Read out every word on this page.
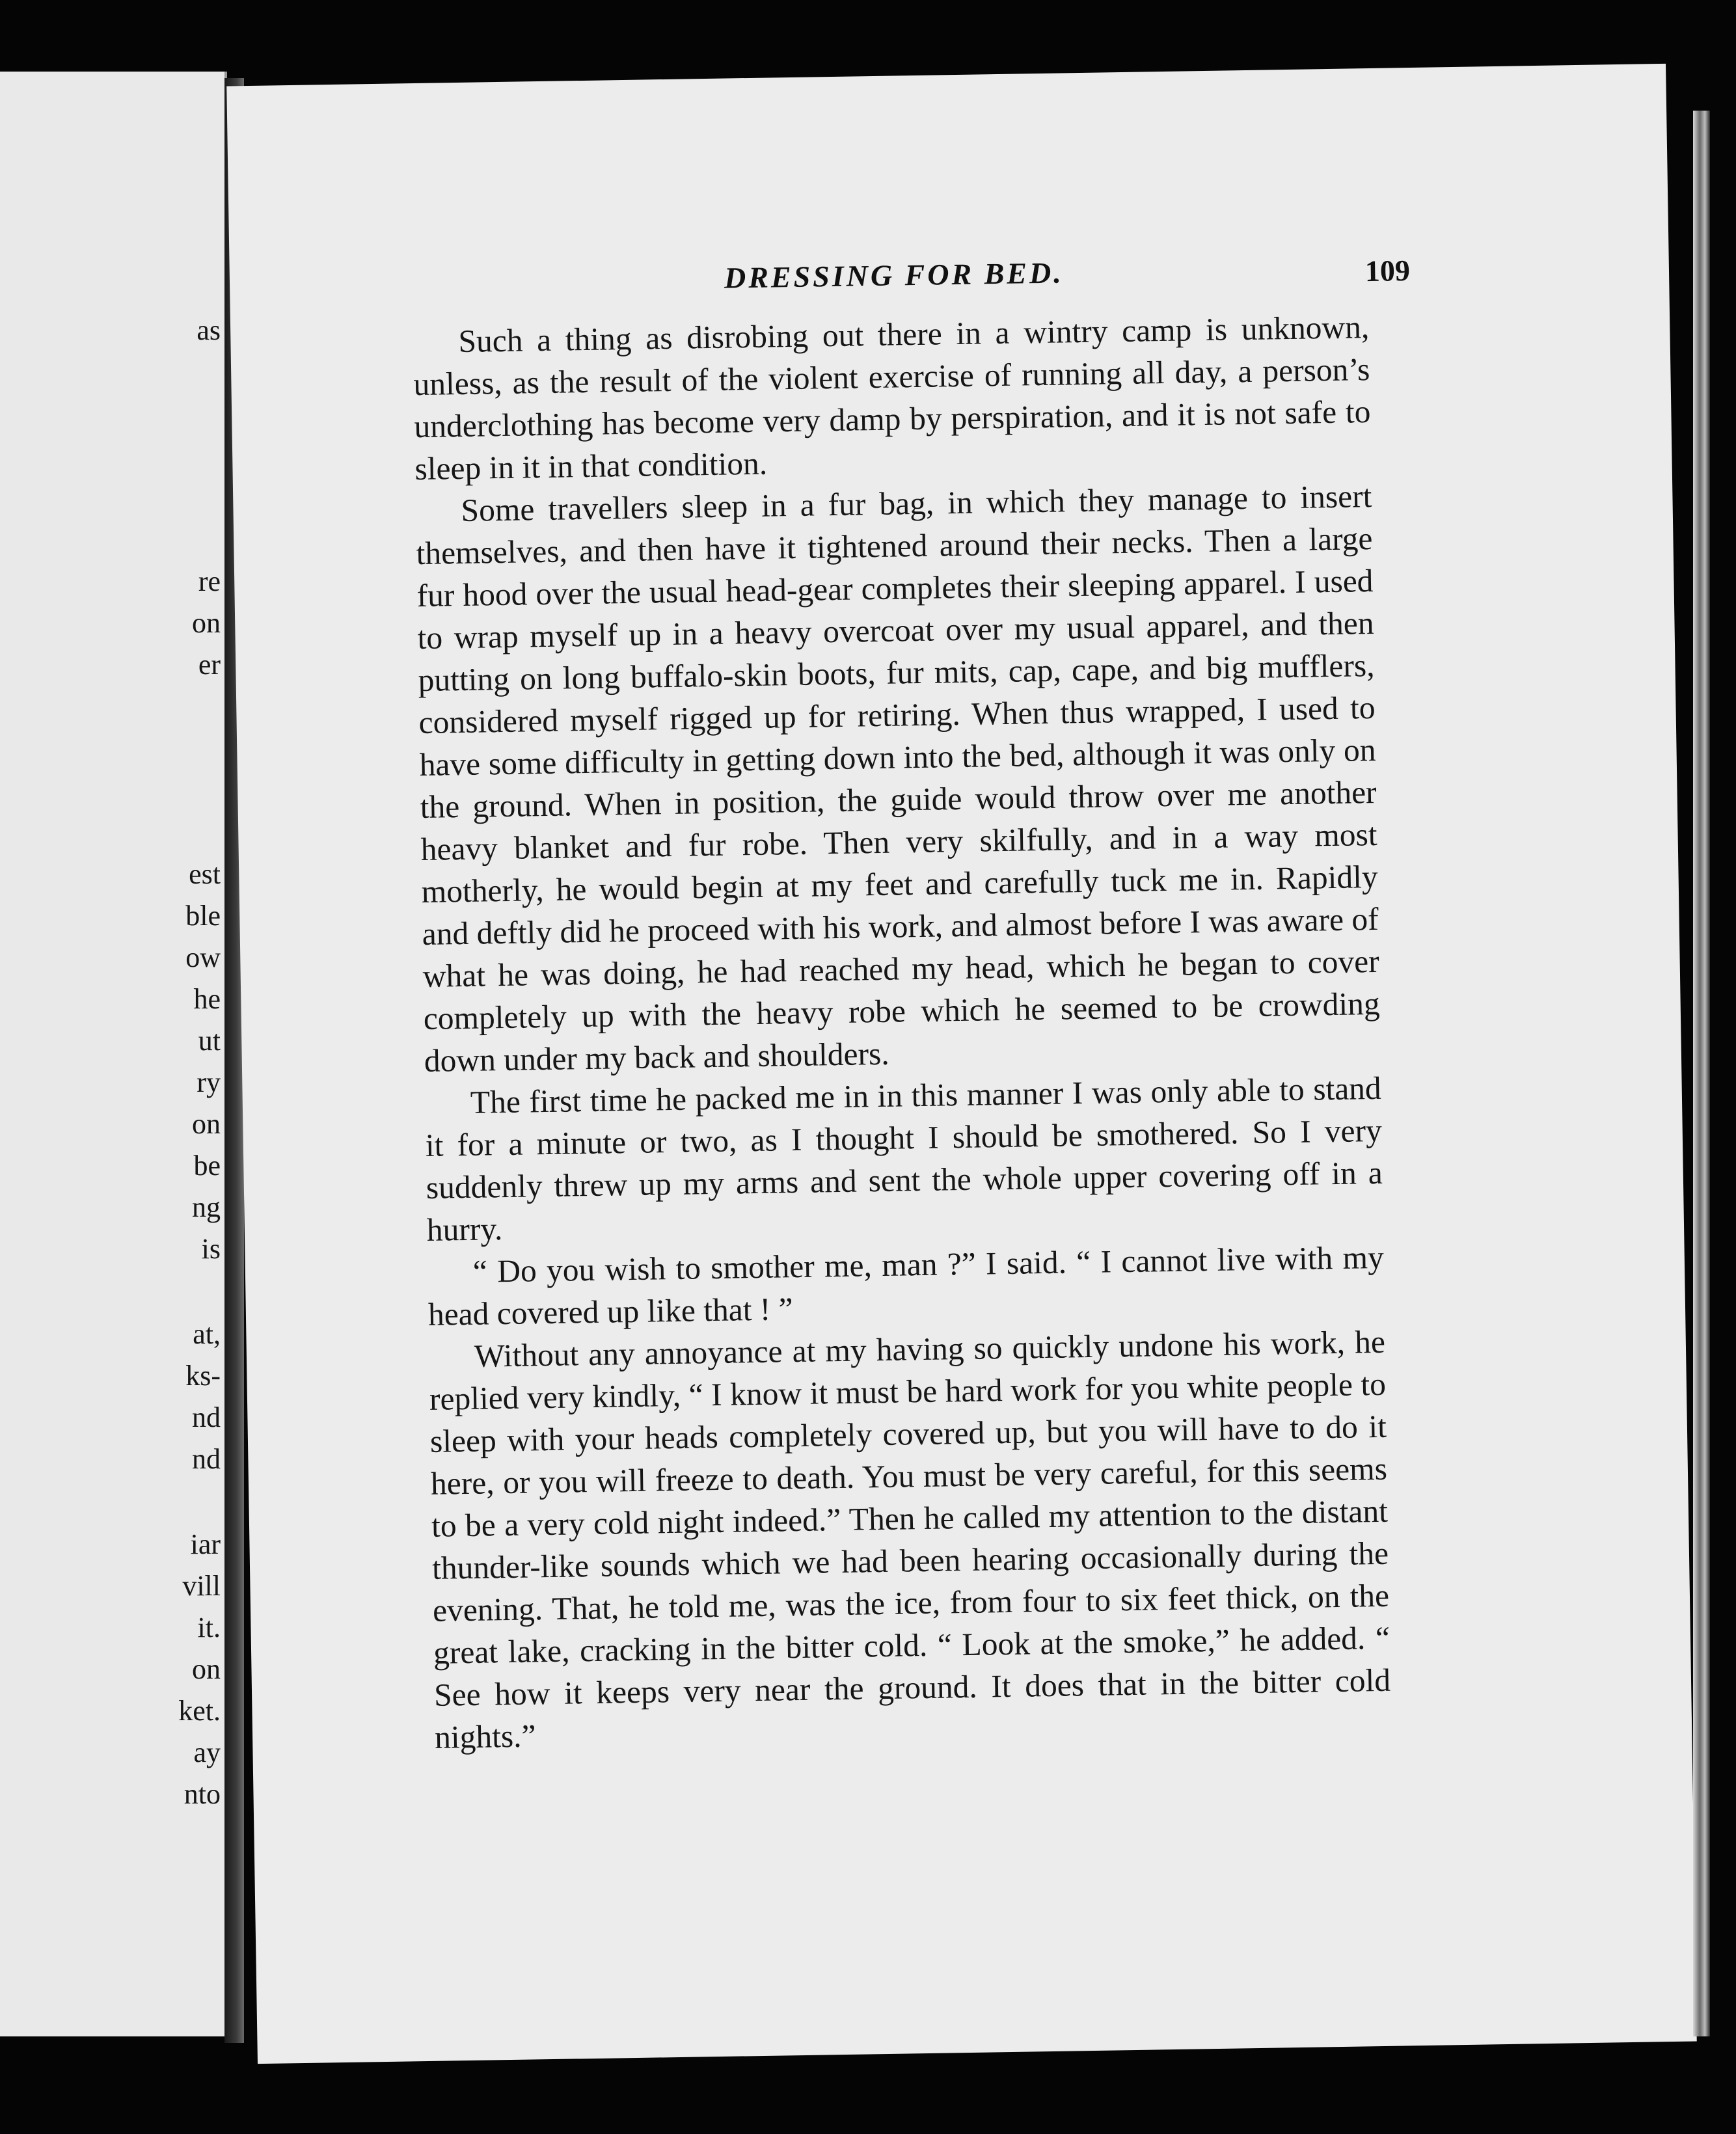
as
re
on
er
est
ble
ow
he
ut
ry
on
be
ng
is
at,
ks-
nd
nd
iar
vill
it.
on
ket.
ay
nto
DRESSING FOR BED.	109

Such a thing as disrobing out there in a wintry camp is unknown, unless, as the result of the violent exercise of running all day, a person’s underclothing has become very damp by perspiration, and it is not safe to sleep in it in that condition.

Some travellers sleep in a fur bag, in which they manage to insert themselves, and then have it tightened around their necks. Then a large fur hood over the usual head-gear completes their sleeping apparel. I used to wrap myself up in a heavy overcoat over my usual apparel, and then putting on long buffalo-skin boots, fur mits, cap, cape, and big mufflers, considered myself rigged up for retiring. When thus wrapped, I used to have some difficulty in getting down into the bed, although it was only on the ground. When in position, the guide would throw over me another heavy blanket and fur robe. Then very skilfully, and in a way most motherly, he would begin at my feet and carefully tuck me in. Rapidly and deftly did he proceed with his work, and almost before I was aware of what he was doing, he had reached my head, which he began to cover completely up with the heavy robe which he seemed to be crowding down under my back and shoulders.

The first time he packed me in in this manner I was only able to stand it for a minute or two, as I thought I should be smothered. So I very suddenly threw up my arms and sent the whole upper covering off in a hurry.

“ Do you wish to smother me, man ?” I said. “ I cannot live with my head covered up like that ! ”

Without any annoyance at my having so quickly undone his work, he replied very kindly, “ I know it must be hard work for you white people to sleep with your heads completely covered up, but you will have to do it here, or you will freeze to death. You must be very careful, for this seems to be a very cold night indeed.” Then he called my attention to the distant thunder-like sounds which we had been hearing occasionally during the evening. That, he told me, was the ice, from four to six feet thick, on the great lake, cracking in the bitter cold. “ Look at the smoke,” he added. “ See how it keeps very near the ground. It does that in the bitter cold nights.”
